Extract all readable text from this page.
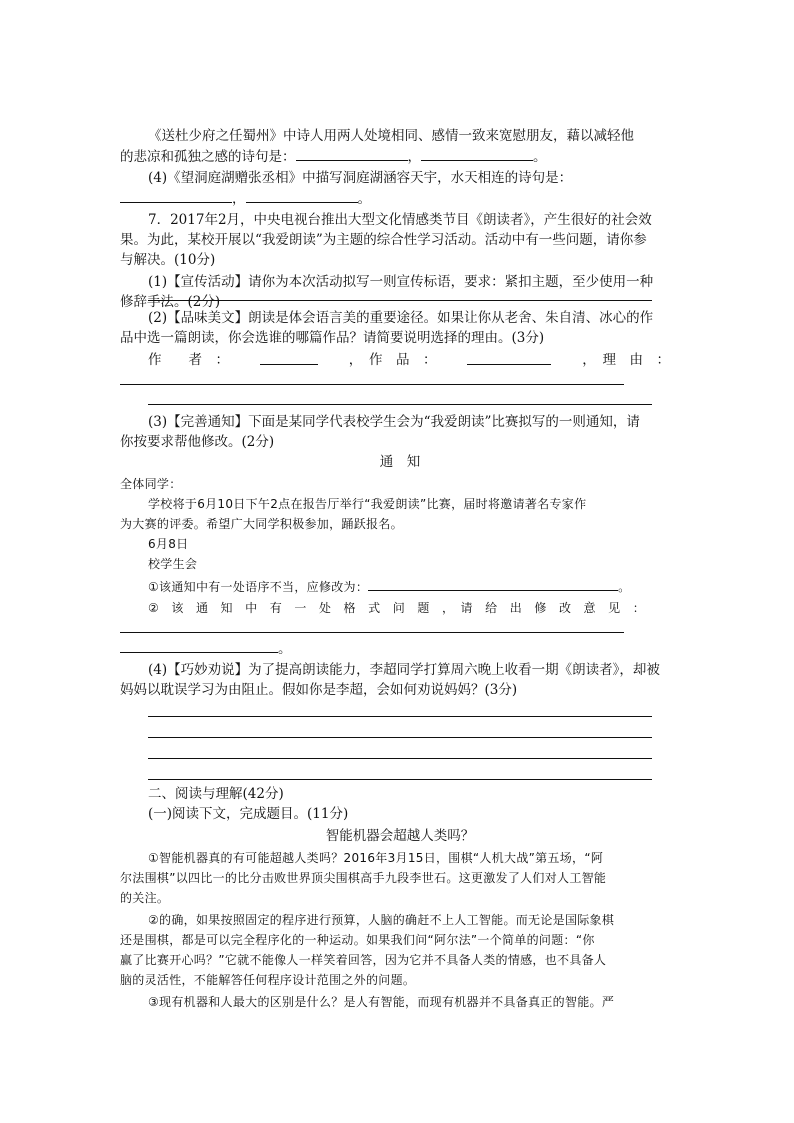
《送杜少府之任蜀州》中诗人用两人处境相同、感情一致来宽慰朋友，藉以减轻他
的悲凉和孤独之感的诗句是：	，	。
(4)《望洞庭湖赠张丞相》中描写洞庭湖涵容天宇，水天相连的诗句是：
，	。
7．2017年2月，中央电视台推出大型文化情感类节目《朗读者》，产生很好的社会效
果。为此，某校开展以“我爱朗读”为主题的综合性学习活动。活动中有一些问题，请你参
与解决。(10分)
(1)【宣传活动】请你为本次活动拟写一则宣传标语，要求：紧扣主题，至少使用一种
修辞手法。(2分)
(2)【品味美文】朗读是体会语言美的重要途径。如果让你从老舍、朱自清、冰心的作
品中选一篇朗读，你会选谁的哪篇作品？请简要说明选择的理由。(3分)
作　　者　：	，　作　品　：	，　理　由　：
(3)【完善通知】下面是某同学代表校学生会为“我爱朗读”比赛拟写的一则通知，请
你按要求帮他修改。(2分)
通　知
全体同学：
学校将于6月10日下午2点在报告厅举行“我爱朗读”比赛，届时将邀请著名专家作
为大赛的评委。希望广大同学积极参加，踊跃报名。
6月8日
校学生会
①该通知中有一处语序不当，应修改为：	。
②　该　通　知　中　有　一　处　格　式　问　题　，　请　给　出　修　改　意　见　：
。
(4)【巧妙劝说】为了提高朗读能力，李超同学打算周六晚上收看一期《朗读者》，却被
妈妈以耽误学习为由阻止。假如你是李超，会如何劝说妈妈？(3分)
二、阅读与理解(42分)
(一)阅读下文，完成题目。(11分)
智能机器会超越人类吗？
①智能机器真的有可能超越人类吗？2016年3月15日，围棋“人机大战”第五场，“阿
尔法围棋”以四比一的比分击败世界顶尖围棋高手九段李世石。这更激发了人们对人工智能
的关注。
②的确，如果按照固定的程序进行预算，人脑的确赶不上人工智能。而无论是国际象棋
还是围棋，都是可以完全程序化的一种运动。如果我们问“阿尔法”一个简单的问题：“你
赢了比赛开心吗？”它就不能像人一样笑着回答，因为它并不具备人类的情感，也不具备人
脑的灵活性，不能解答任何程序设计范围之外的问题。
③现有机器和人最大的区别是什么？是人有智能，而现有机器并不具备真正的智能。严
